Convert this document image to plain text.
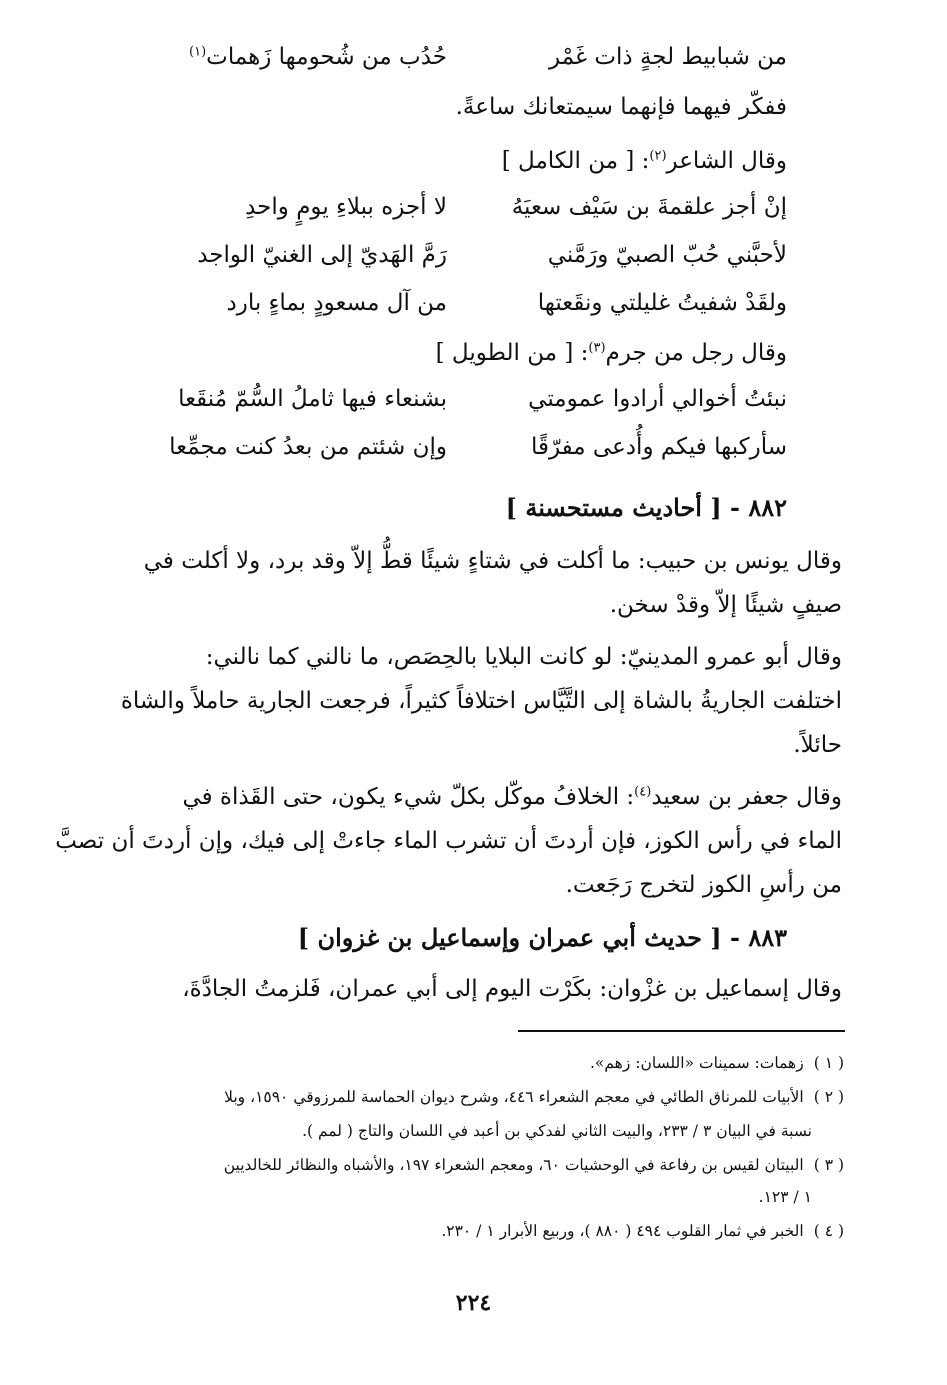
من شبابيط لجةٍ ذات غَمْر
حُدُب من شُحومها زَهمات$^{(١)}$
ففكّر فيهما فإنهما سيمتعانك ساعةً.
وقال الشاعر$^{(٢)}$: [ من الكامل ]
إنْ أجز علقمةَ بن سَيْف سعيَهُ
لا أجزه ببلاءِ يومٍ واحدِ
لأحبَّني حُبّ الصبيّ ورَمَّني
رَمَّ الهَديّ إلى الغنيّ الواجد
ولقَدْ شفيتُ غليلتي ونقَعتها
من آل مسعودٍ بماءٍ بارد
وقال رجل من جرم$^{(٣)}$: [ من الطويل ]
نبئتُ أخوالي أرادوا عمومتي
بشنعاء فيها ثاملُ السُّمّ مُنقَعا
سأركبها فيكم وأُدعى مفرّقًا
وإن شئتم من بعدُ كنت مجمِّعا
٨٨٢ - [ أحاديث مستحسنة ]
وقال يونس بن حبيب: ما أكلت في شتاءٍ شيئًا قطُّ إلاّ وقد برد، ولا أكلت في
صيفٍ شيئًا إلاّ وقدْ سخن.
وقال أبو عمرو المدينيّ: لو كانت البلايا بالحِصَص، ما نالني كما نالني:
اختلفت الجاريةُ بالشاة إلى التَّيَّاس اختلافاً كثيراً، فرجعت الجارية حاملاً والشاة
حائلاً.
وقال جعفر بن سعيد$^{(٤)}$: الخلافُ موكّل بكلّ شيء يكون، حتى القَذاة في
الماء في رأس الكوز، فإن أردتَ أن تشرب الماء جاءتْ إلى فيك، وإن أردتَ أن تصبَّ
من رأسِ الكوز لتخرج رَجَعت.
٨٨٣ - [ حديث أبي عمران وإسماعيل بن غزوان ]
وقال إسماعيل بن غزْوان: بكَرْت اليوم إلى أبي عمران، فَلزمتُ الجادَّةَ،
( ١ )زهمات: سمينات «اللسان: زهم».
( ٢ )الأبيات للمرناق الطائي في معجم الشعراء ٤٤٦، وشرح ديوان الحماسة للمرزوقي ١٥٩٠، وبلا
نسبة في البيان ٣ / ٢٣٣، والبيت الثاني لفدكي بن أعبد في اللسان والتاج ( لمم ).
( ٣ )البيتان لقيس بن رفاعة في الوحشيات ٦٠، ومعجم الشعراء ١٩٧، والأشباه والنظائر للخالديين
١ / ١٢٣.
( ٤ )الخبر في ثمار القلوب ٤٩٤ ( ٨٨٠ )، وربيع الأبرار ١ / ٢٣٠.
٢٢٤
